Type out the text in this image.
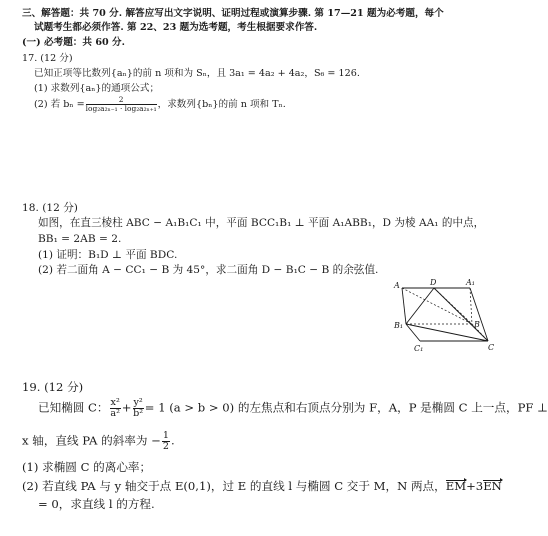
三、解答题：共 70 分. 解答应写出文字说明、证明过程或演算步骤. 第 17—21 题为必考题，每个
试题考生都必须作答. 第 22、23 题为选考题，考生根据要求作答.
(一) 必考题：共 60 分.
17. (12 分)
已知正项等比数列{aₙ}的前 n 项和为 Sₙ，且 3a₁ = 4a₂ + 4a₂，S₆ = 126.
(1) 求数列{aₙ}的通项公式；
(2) 若 $b_n = \frac{2}{\text{log₂a₂ₙ₋₁ · log₂a₂ₙ₊₁}}$ ，求数列{bₙ}的前 n 项和 Tₙ.
18. (12 分)
如图，在直三棱柱 ABC − A₁B₁C₁ 中，平面 BCC₁B₁ ⊥ 平面 A₁ABB₁，D 为棱 AA₁ 的中点，
BB₁ = 2AB = 2.
(1) 证明：B₁D ⊥ 平面 BDC.
(2) 若二面角 A − CC₁ − B 为 45°，求二面角 D − B₁C − B 的余弦值.
A	D	A₁
B
B₁
C
C₁
19. (12 分)
已知椭圆 C： $\frac{\text{x²}}{\text{a²}} + \frac{\text{y²}}{\text{b²}} = 1$ (a > b > 0) 的左焦点和右顶点分别为 F，A，P 是椭圆 C 上一点，PF ⊥
x 轴，直线 PA 的斜率为 − $\frac{1}{2}$ .
(1) 求椭圆 C 的离心率；
(2) 若直线 PA 与 y 轴交于点 E(0,1)，过 E 的直线 l 与椭圆 C 交于 M，N 两点，EM+3EN
= 0，求直线 l 的方程.
